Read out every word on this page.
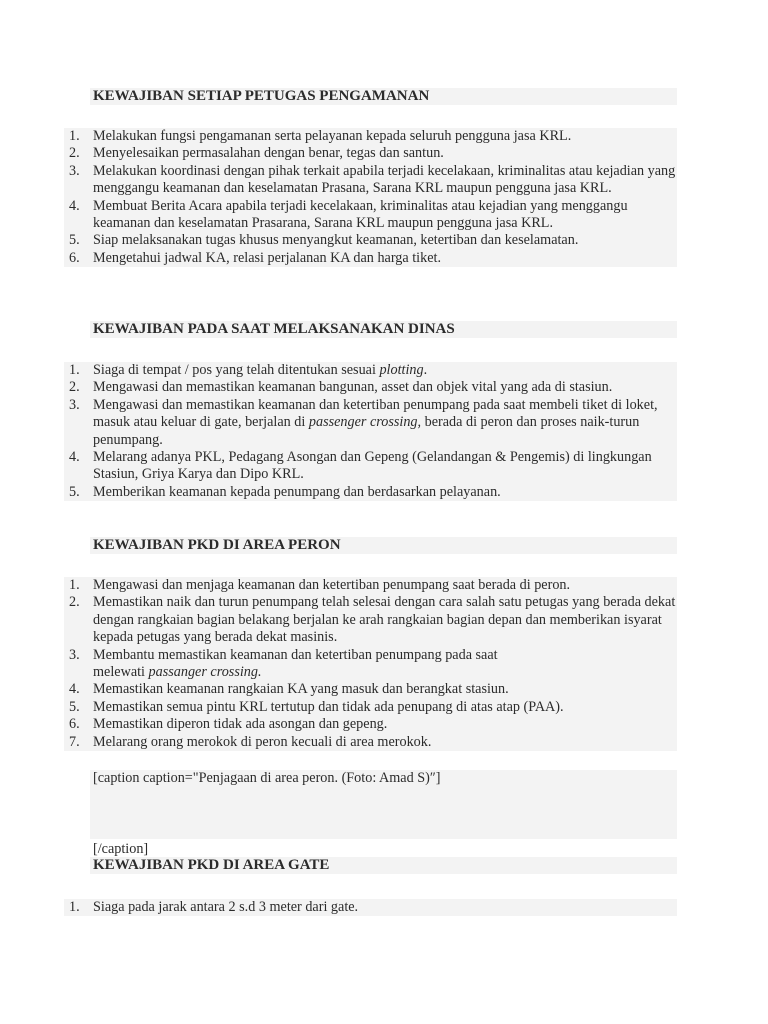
KEWAJIBAN SETIAP PETUGAS PENGAMANAN
1. Melakukan fungsi pengamanan serta pelayanan kepada seluruh pengguna jasa KRL.
2. Menyelesaikan permasalahan dengan benar, tegas dan santun.
3. Melakukan koordinasi dengan pihak terkait apabila terjadi kecelakaan, kriminalitas atau kejadian yang menggangu keamanan dan keselamatan Prasana, Sarana KRL maupun pengguna jasa KRL.
4. Membuat Berita Acara apabila terjadi kecelakaan, kriminalitas atau kejadian yang menggangu keamanan dan keselamatan Prasarana, Sarana KRL maupun pengguna jasa KRL.
5. Siap melaksanakan tugas khusus menyangkut keamanan, ketertiban dan keselamatan.
6. Mengetahui jadwal KA, relasi perjalanan KA dan harga tiket.
KEWAJIBAN PADA SAAT MELAKSANAKAN DINAS
1. Siaga di tempat / pos yang telah ditentukan sesuai plotting.
2. Mengawasi dan memastikan keamanan bangunan, asset dan objek vital yang ada di stasiun.
3. Mengawasi dan memastikan keamanan dan ketertiban penumpang pada saat membeli tiket di loket, masuk atau keluar di gate, berjalan di passenger crossing, berada di peron dan proses naik-turun penumpang.
4. Melarang adanya PKL, Pedagang Asongan dan Gepeng (Gelandangan & Pengemis) di lingkungan Stasiun, Griya Karya dan Dipo KRL.
5. Memberikan keamanan kepada penumpang dan berdasarkan pelayanan.
KEWAJIBAN PKD DI AREA PERON
1. Mengawasi dan menjaga keamanan dan ketertiban penumpang saat berada di peron.
2. Memastikan naik dan turun penumpang telah selesai dengan cara salah satu petugas yang berada dekat dengan rangkaian bagian belakang berjalan ke arah rangkaian bagian depan dan memberikan isyarat kepada petugas yang berada dekat masinis.
3. Membantu memastikan keamanan dan ketertiban penumpang pada saat
melewati passanger crossing.
4. Memastikan keamanan rangkaian KA yang masuk dan berangkat stasiun.
5. Memastikan semua pintu KRL tertutup dan tidak ada penupang di atas atap (PAA).
6. Memastikan diperon tidak ada asongan dan gepeng.
7. Melarang orang merokok di peron kecuali di area merokok.
[caption caption="Penjagaan di area peron. (Foto: Amad S)″]
[/caption]
KEWAJIBAN PKD DI AREA GATE
1. Siaga pada jarak antara 2 s.d 3 meter dari gate.
